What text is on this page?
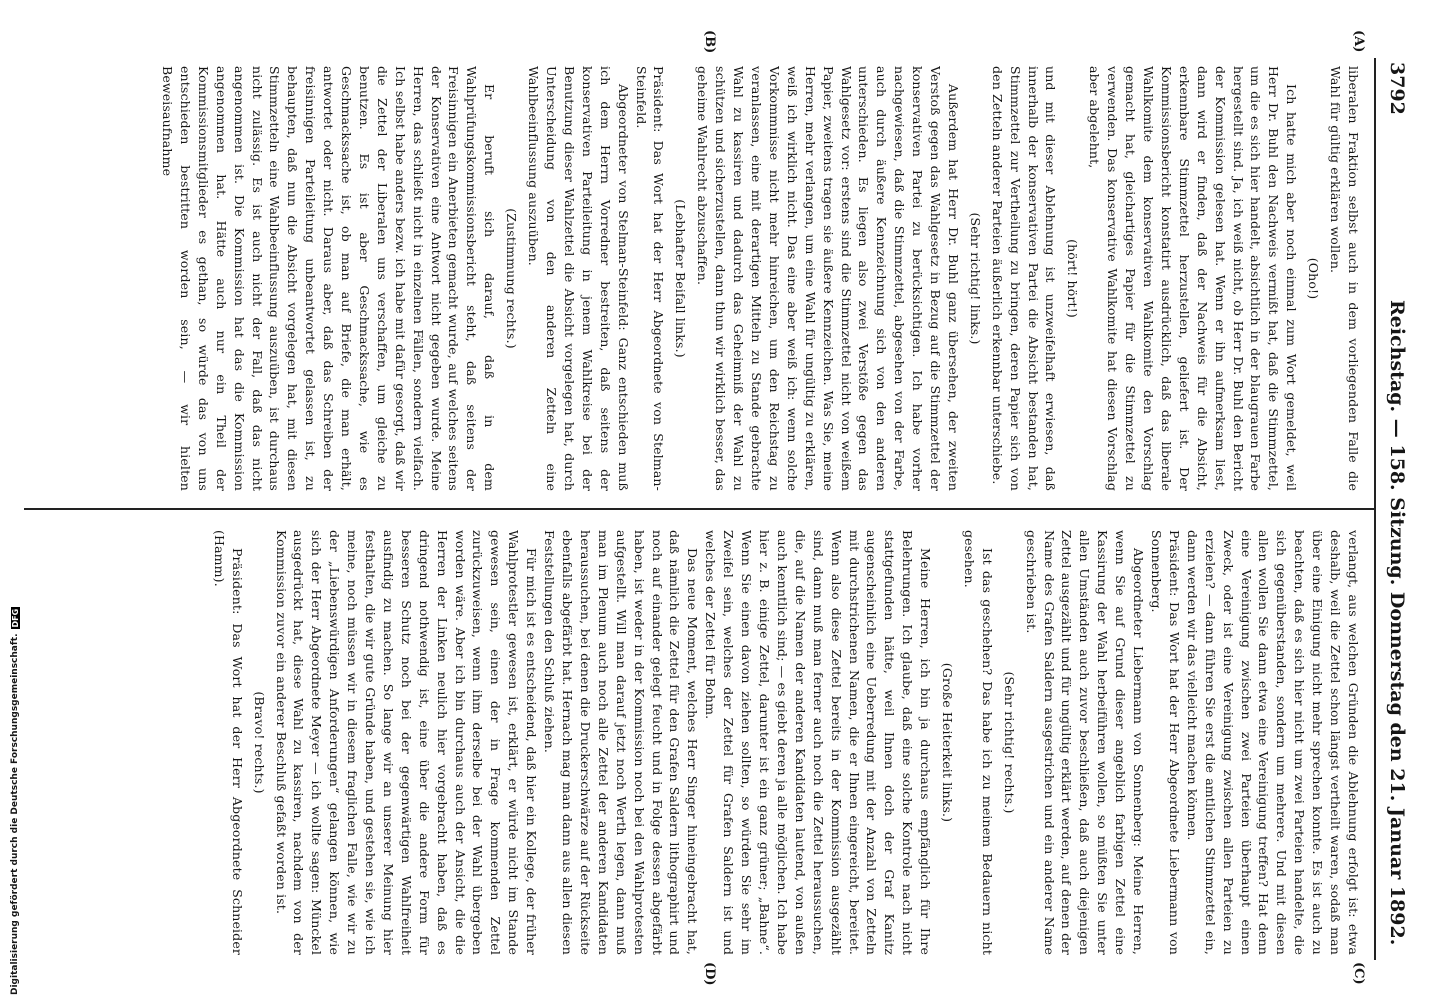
3792
Reichstag. — 158. Sitzung. Donnerstag den 21. Januar 1892.
(A)
(B)
(C)
(D)

liberalen Fraktion selbst auch in dem vorliegenden Falle die Wahl für gültig erklären wollen.

(Oho!)

Ich hatte mich aber noch einmal zum Wort gemeldet, weil Herr Dr. Buhl den Nachweis vermißt hat, daß die Stimmzettel, um die es sich hier handelt, absichtlich in der blaugrauen Farbe hergestellt sind. Ja, ich weiß nicht, ob Herr Dr. Buhl den Bericht der Kommission gelesen hat. Wenn er ihn aufmerksam liest, dann wird er finden, daß der Nachweis für die Absicht, erkennbare Stimmzettel herzustellen, geliefert ist. Der Kommissionsbericht konstatirt ausdrücklich, daß das liberale Wahlkomite dem konservativen Wahlkomite den Vorschlag gemacht hat, gleichartiges Papier für die Stimmzettel zu verwenden. Das konservative Wahlkomite hat diesen Vorschlag aber abgelehnt,

(hört! hört!)

und mit dieser Ablehnung ist unzweifelhaft erwiesen, daß innerhalb der konservativen Partei die Absicht bestanden hat, Stimmzettel zur Vertheilung zu bringen, deren Papier sich von den Zetteln anderer Parteien äußerlich erkennbar unterschiebe.

(Sehr richtig! links.)

Außerdem hat Herr Dr. Buhl ganz übersehen, der zweiten Verstoß gegen das Wahlgesetz in Bezug auf die Stimmzettel der konservativen Partei zu berücksichtigen. Ich habe vorher nachgewiesen, daß die Stimmzettel, abgesehen von der Farbe, auch durch äußere Kennzeichnung sich von den anderen unterschieden. Es liegen also zwei Verstöße gegen das Wahlgesetz vor: erstens sind die Stimmzettel nicht von weißem Papier, zweitens tragen sie äußere Kennzeichen. Was Sie, meine Herren, mehr verlangen, um eine Wahl für ungültig zu erklären, weiß ich wirklich nicht. Das eine aber weiß ich: wenn solche Vorkommnisse nicht mehr hinreichen, um den Reichstag zu veranlassen, eine mit derartigen Mitteln zu Stande gebrachte Wahl zu kassiren und dadurch das Geheimniß der Wahl zu schützen und sicherzustellen, dann thun wir wirklich besser, das geheime Wahlrecht abzuschaffen.

(Lebhafter Beifall links.)

Präsident: Das Wort hat der Herr Abgeordnete von Stelman-Steinfeld.

Abgeordneter von Stelman-Steinfeld: Ganz entschieden muß ich dem Herrn Vorredner bestreiten, daß seitens der konservativen Parteileitung in jenem Wahlkreise bei der Benutzung dieser Wahlzettel die Absicht vorgelegen hat, durch Unterscheidung von den anderen Zetteln eine Wahlbeeinflussung auszuüben.

(Zustimmung rechts.)

Er beruft sich darauf, daß in dem Wahlprüfungskommissionsbericht steht, daß seitens der Freisinnigen ein Anerbieten gemacht wurde, auf welches seitens der Konservativen eine Antwort nicht gegeben wurde. Meine Herren, das schließt nicht in einzelnen Fällen, sondern vielfach. Ich selbst habe anders bezw. ich habe mit dafür gesorgt, daß wir die Zettel der Liberalen uns verschaffen, um gleiche zu benutzen. Es ist aber Geschmackssache, wie es Geschmackssache ist, ob man auf Briefe, die man erhält, antwortet oder nicht. Daraus aber, daß das Schreiben der freisinnigen Parteileitung unbeantwortet gelassen ist, zu behaupten, daß nun die Absicht vorgelegen hat, mit diesen Stimmzetteln eine Wahlbeeinflussung auszuüben, ist durchaus nicht zulässig. Es ist auch nicht der Fall, daß das nicht angenommen ist. Die Kommission hat das die Kommission angenommen hat. Hätte auch nur ein Theil der Kommissionsmitglieder es gethan, so würde das von uns entschieden bestritten worden sein, — wir hielten Beweisaufnahme

verlangt, aus welchen Gründen die Ablehnung erfolgt ist: etwa deshalb, weil die Zettel schon längst vertheilt waren, sodaß man über eine Einigung nicht mehr sprechen konnte. Es ist auch zu beachten, daß es sich hier nicht um zwei Parteien handelte, die sich gegenüberstanden, sondern um mehrere. Und mit diesen allen wollen Sie dann etwa eine Vereinigung treffen? Hat denn eine Vereinigung zwischen zwei Parteien überhaupt einen Zweck, oder ist eine Vereinigung zwischen allen Parteien zu erzielen? — dann führen Sie erst die amtlichen Stimmzettel ein, dann werden wir das vielleicht machen können.

Präsident: Das Wort hat der Herr Abgeordnete Liebermann von Sonnenberg.

Abgeordneter Liebermann von Sonnenberg: Meine Herren, wenn Sie auf Grund dieser angeblich farbigen Zettel eine Kassirung der Wahl herbeiführen wollen, so müßten Sie unter allen Umständen auch zuvor beschließen, daß auch diejenigen Zettel ausgezählt und für ungültig erklärt werden, auf denen der Name des Grafen Saldern ausgestrichen und ein anderer Name geschrieben ist.

(Sehr richtig! rechts.)

Ist das geschehen? Das habe ich zu meinem Bedauern nicht gesehen.

(Große Heiterkeit links.)

Meine Herren, ich bin ja durchaus empfänglich für Ihre Belehrungen. Ich glaube, daß eine solche Kontrole nach nicht stattgefunden hätte, weil Ihnen doch der Graf Kanitz augenscheinlich eine Ueberredung mit der Anzahl von Zetteln mit durchstrichenen Namen, die er Ihnen eingereicht, bereitet. Wenn also diese Zettel bereits in der Kommission ausgezählt sind, dann muß man ferner auch noch die Zettel heraussuchen, die, auf die Namen der anderen Kandidaten lautend, von außen auch kenntlich sind; — es giebt deren ja alle möglichen. Ich habe hier z. B. einige Zettel, darunter ist ein ganz grüner; „Bahne“. Wenn Sie einen davon ziehen sollten, so würden Sie sehr im Zweifel sein, welches der Zettel für Grafen Saldern ist und welches der Zettel für Bohm.

Das neue Moment, welches Herr Singer hineingebracht hat, daß nämlich die Zettel für den Grafen Saldern lithographirt und noch auf einander gelegt feucht und in Folge dessen abgefärbt haben, ist weder in der Kommission noch bei den Wahlprotesten aufgestellt. Will man darauf jetzt noch Werth legen, dann muß man im Plenum auch noch alle Zettel der anderen Kandidaten heraussuchen, bei denen die Druckerschwärze auf der Rückseite ebenfalls abgefärbt hat. Hernach mag man dann aus allen diesen Feststellungen den Schluß ziehen.

Für mich ist es entscheidend, daß hier ein Kollege, der früher Wahlprotestler gewesen ist, erklärt, er würde nicht im Stande gewesen sein, einen der in Frage kommenden Zettel zurückzuweisen, wenn ihm derselbe bei der Wahl übergeben worden wäre. Aber ich bin durchaus auch der Ansicht, die die Herren der Linken neulich hier vorgebracht haben, daß es dringend nothwendig ist, eine über die andere Form für besseren Schutz noch bei der gegenwärtigen Wahlfreiheit ausfindig zu machen. So lange wir an unserer Meinung hier festhalten, die wir gute Gründe haben, und gestehen sie, wie ich meine, noch müssen wir in diesem fraglichen Falle, wie wir zu der „Liebenswürdigen Anforderungen“ gelangen können, wie sich der Herr Abgeordnete Meyer — ich wollte sagen: Münckel ausgedrückt hat, diese Wahl zu kassiren, nachdem von der Kommission zuvor ein anderer Beschluß gefaßt worden ist.

(Bravo! rechts.)

Präsident: Das Wort hat der Herr Abgeordnete Schneider (Hamm).

Digitalisierung gefördert durch die Deutsche Forschungsgemeinschaft.
DFG
